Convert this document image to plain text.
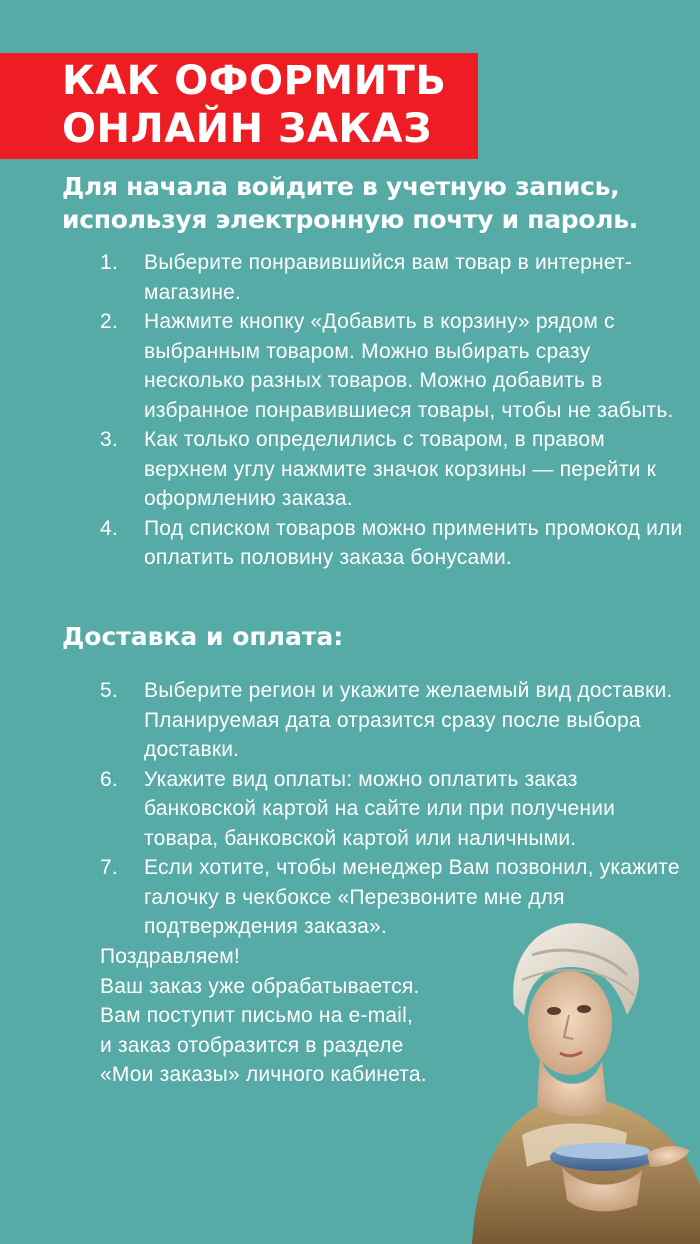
КАК ОФОРМИТЬ
ОНЛАЙН ЗАКАЗ
Для начала войдите в учетную запись,
используя электронную почту и пароль.
1. Выберите понравившийся вам товар в интернет-магазине.
2. Нажмите кнопку «Добавить в корзину» рядом с выбранным товаром. Можно выбирать сразу несколько разных товаров. Можно добавить в избранное понравившиеся товары, чтобы не забыть.
3. Как только определились с товаром, в правом верхнем углу нажмите значок корзины — перейти к оформлению заказа.
4. Под списком товаров можно применить промокод или оплатить половину заказа бонусами.
Доставка и оплата:
5. Выберите регион и укажите желаемый вид доставки. Планируемая дата отразится сразу после выбора доставки.
6. Укажите вид оплаты: можно оплатить заказ банковской картой на сайте или при получении товара, банковской картой или наличными.
7. Если хотите, чтобы менеджер Вам позвонил, укажите галочку в чекбоксе «Перезвоните мне для подтверждения заказа».
Поздравляем!
Ваш заказ уже обрабатывается.
Вам поступит письмо на e-mail,
и заказ отобразится в разделе
«Мои заказы» личного кабинета.
